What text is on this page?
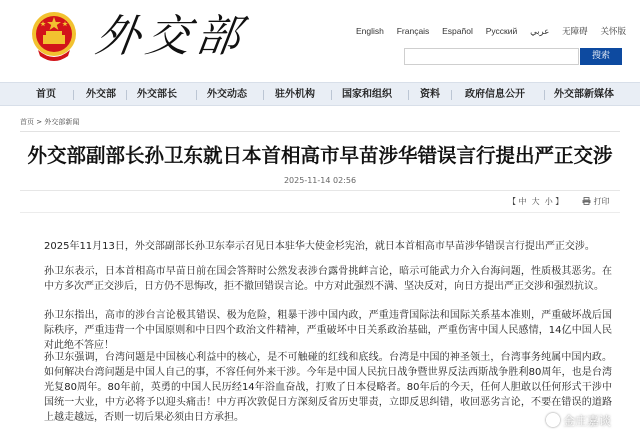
外交部	English Français Español Русский عربي 无障碍 关怀版
搜索
首页	外交部 外交部长	外交动态	驻外机构	国家和组织	资料	政府信息公开	外交部新媒体
首页 > 外交部新闻
外交部副部长孙卫东就日本首相高市早苗涉华错误言行提出严正交涉
2025-11-14 02:56
【 中 大 小 】	打印
2025年11月13日，外交部副部长孙卫东奉示召见日本驻华大使金杉宪治，就日本首相高市早苗涉华错误言行提出严正交涉。
孙卫东表示，日本首相高市早苗日前在国会答辩时公然发表涉台露骨挑衅言论，暗示可能武力介入台海问题，性质极其恶劣。在中方多次严正交涉后，日方仍不思悔改，拒不撤回错误言论。中方对此强烈不满、坚决反对，向日方提出严正交涉和强烈抗议。
孙卫东指出，高市的涉台言论极其错误、极为危险，粗暴干涉中国内政，严重违背国际法和国际关系基本准则，严重破坏战后国际秩序，严重违背一个中国原则和中日四个政治文件精神，严重破坏中日关系政治基础，严重伤害中国人民感情，14亿中国人民对此绝不答应！
孙卫东强调，台湾问题是中国核心利益中的核心，是不可触碰的红线和底线。台湾是中国的神圣领土，台湾事务纯属中国内政。如何解决台湾问题是中国人自己的事，不容任何外来干涉。今年是中国人民抗日战争暨世界反法西斯战争胜利80周年，也是台湾光复80周年。80年前，英勇的中国人民历经14年浴血奋战，打败了日本侵略者。80年后的今天，任何人胆敢以任何形式干涉中国统一大业，中方必将予以迎头痛击！中方再次敦促日方深刻反省历史罪责，立即反思纠错，收回恶劣言论，不要在错误的道路上越走越远，否则一切后果必须由日方承担。	金庄嘉谈
